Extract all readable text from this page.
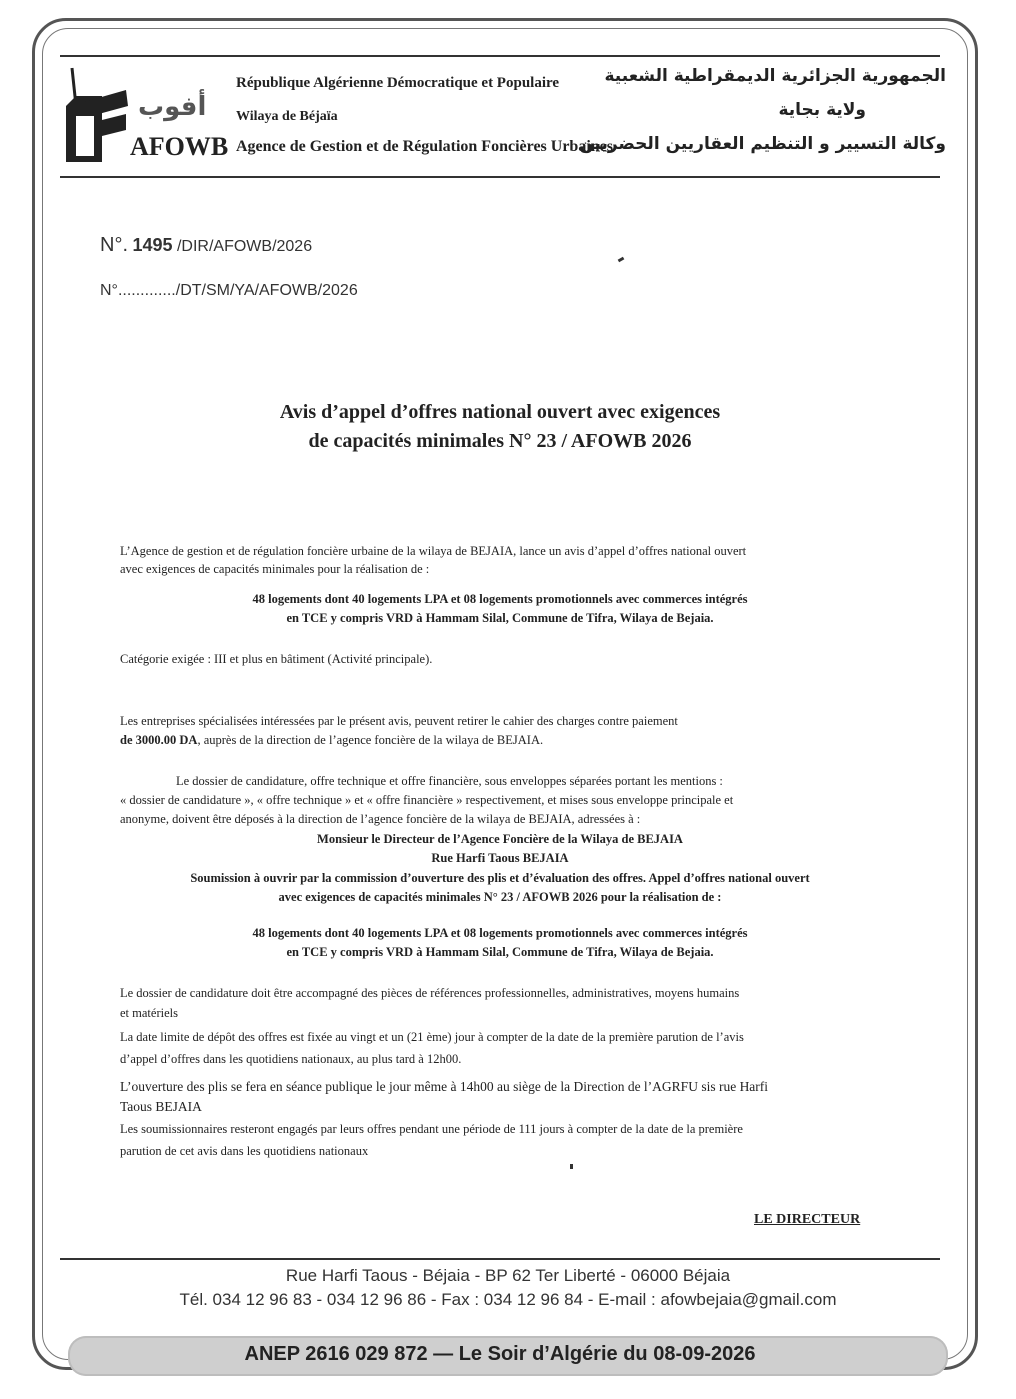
أفوب
AFOWB
République Algérienne Démocratique et Populaire
Wilaya de Béjaïa
Agence de Gestion et de Régulation Foncières Urbaines
الجمهورية الجزائرية الديمقراطية الشعبية
ولاية بجاية
وكالة التسيير و التنظيم العقاريين الحضريين
N°. 1495 /DIR/AFOWB/2026
N°............./DT/SM/YA/AFOWB/2026
Avis d’appel d’offres national ouvert avec exigences
de capacités minimales N° 23 / AFOWB 2026
L’Agence de gestion et de régulation foncière urbaine de la wilaya de BEJAIA, lance un avis d’appel d’offres national ouvert
avec exigences de capacités minimales pour la réalisation de :
48 logements dont 40 logements LPA et 08 logements promotionnels avec commerces intégrés
en TCE y compris VRD à Hammam Silal, Commune de Tifra, Wilaya de Bejaia.
Catégorie exigée : III et plus en bâtiment (Activité principale).
Les entreprises spécialisées intéressées par le présent avis, peuvent retirer le cahier des charges contre paiement
de 3000.00 DA, auprès de la direction de l’agence foncière de la wilaya de BEJAIA.
Le dossier de candidature, offre technique et offre financière, sous enveloppes séparées portant les mentions :
« dossier de candidature », « offre technique » et « offre financière » respectivement, et mises sous enveloppe principale et
anonyme, doivent être déposés à la direction de l’agence foncière de la wilaya de BEJAIA, adressées à :
Monsieur le Directeur de l’Agence Foncière de la Wilaya de BEJAIA
Rue Harfi Taous BEJAIA
Soumission à ouvrir par la commission d’ouverture des plis et d’évaluation des offres. Appel d’offres national ouvert
avec exigences de capacités minimales N° 23 / AFOWB 2026 pour la réalisation de :
48 logements dont 40 logements LPA et 08 logements promotionnels avec commerces intégrés
en TCE y compris VRD à Hammam Silal, Commune de Tifra, Wilaya de Bejaia.
Le dossier de candidature doit être accompagné des pièces de références professionnelles, administratives, moyens humains
et matériels
La date limite de dépôt des offres est fixée au vingt et un (21 ème) jour à compter de la date de la première parution de l’avis
d’appel d’offres dans les quotidiens nationaux, au plus tard à 12h00.
L’ouverture des plis se fera en séance publique le jour même à 14h00 au siège de la Direction de l’AGRFU sis rue Harfi
Taous BEJAIA
Les soumissionnaires resteront engagés par leurs offres pendant une période de 111 jours à compter de la date de la première
parution de cet avis dans les quotidiens nationaux
LE DIRECTEUR
Rue Harfi Taous - Béjaia - BP 62 Ter Liberté - 06000 Béjaia
Tél. 034 12 96 83 - 034 12 96 86 - Fax : 034 12 96 84 - E-mail : afowbejaia@gmail.com
ANEP 2616 029 872 — Le Soir d’Algérie du 08-09-2026
